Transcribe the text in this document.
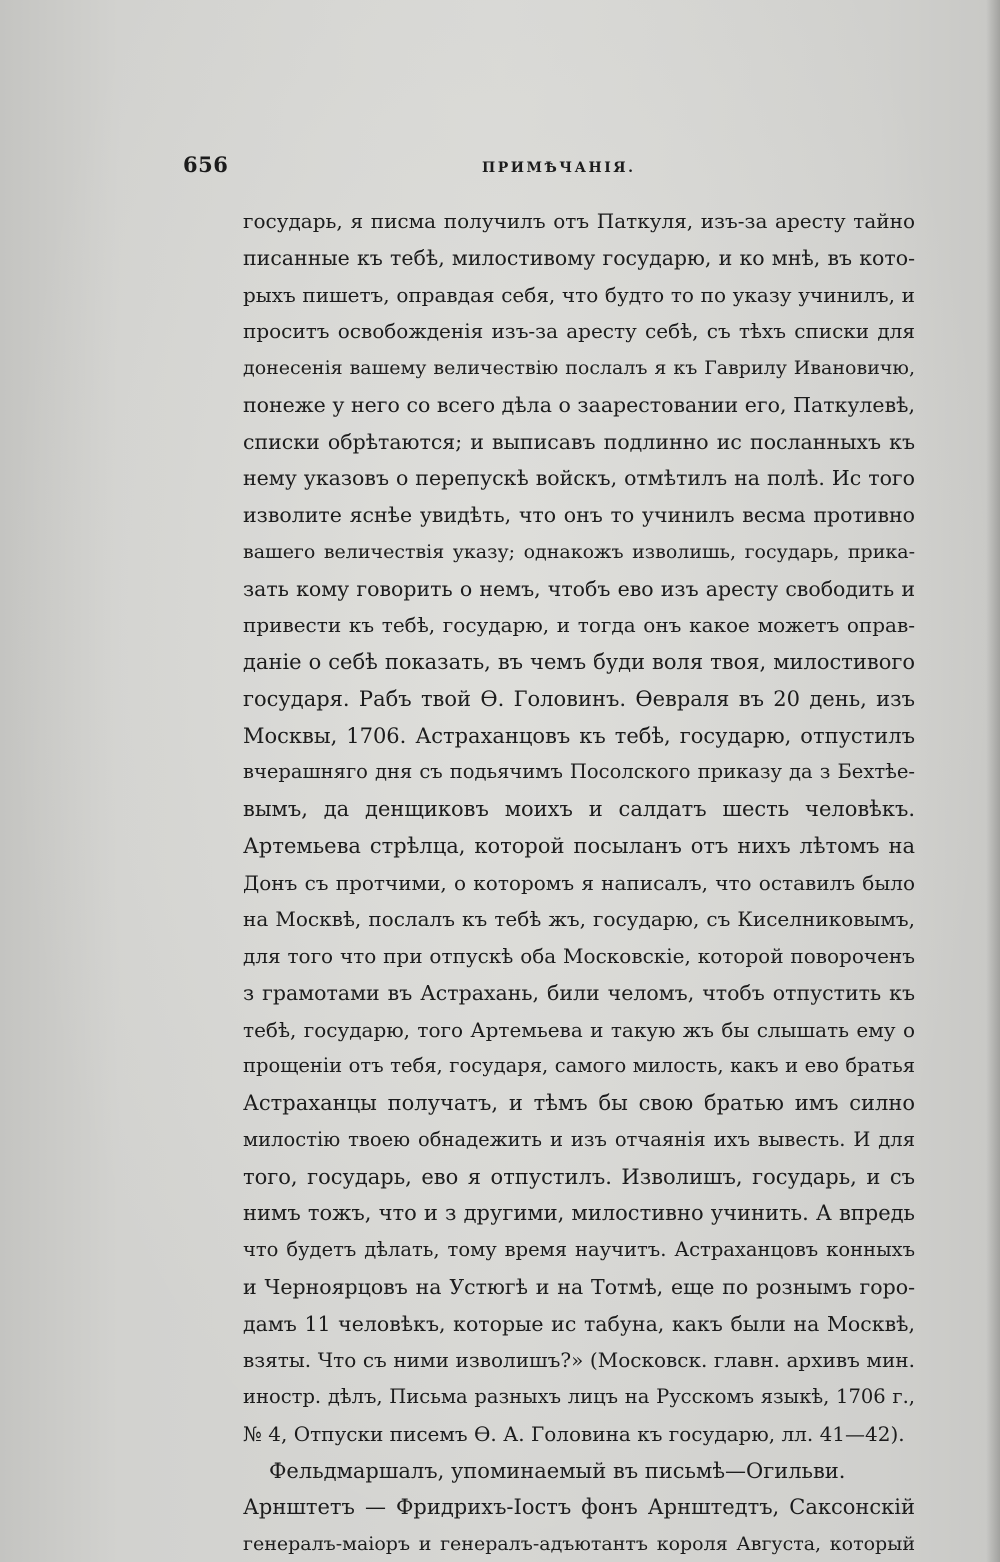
656	ПРИМѢЧАНІЯ.
государь, я писма получилъ отъ Паткуля, изъ-за аресту тайно
писанные къ тебѣ, милостивому государю, и ко мнѣ, въ кото-
рыхъ пишетъ, оправдая себя, что будто то по указу учинилъ, и
проситъ освобожденія изъ-за аресту себѣ, съ тѣхъ списки для
донесенія вашему величествію послалъ я къ Гаврилу Ивановичю,
понеже у него со всего дѣла о заарестовании его, Паткулевѣ,
списки обрѣтаются; и выписавъ подлинно ис посланныхъ къ
нему указовъ о перепускѣ войскъ, отмѣтилъ на полѣ. Ис того
изволите яснѣе увидѣть, что онъ то учинилъ весма противно
вашего величествія указу; однакожъ изволишь, государь, прика-
зать кому говорить о немъ, чтобъ ево изъ аресту свободить и
привести къ тебѣ, государю, и тогда онъ какое можетъ оправ-
даніе о себѣ показать, въ чемъ буди воля твоя, милостивого
государя. Рабъ твой Ѳ. Головинъ. Ѳевраля въ 20 день, изъ
Москвы, 1706. Астраханцовъ къ тебѣ, государю, отпустилъ
вчерашняго дня съ подьячимъ Посолского приказу да з Бехтѣе-
вымъ, да денщиковъ моихъ и салдатъ шесть человѣкъ.
Артемьева стрѣлца, которой посыланъ отъ нихъ лѣтомъ на
Донъ съ протчими, о которомъ я написалъ, что оставилъ было
на Москвѣ, послалъ къ тебѣ жъ, государю, съ Киселниковымъ,
для того что при отпускѣ оба Московскіе, которой повороченъ
з грамотами въ Астрахань, били челомъ, чтобъ отпустить къ
тебѣ, государю, того Артемьева и такую жъ бы слышать ему о
прощеніи отъ тебя, государя, самого милость, какъ и ево братья
Астраханцы получатъ, и тѣмъ бы свою братью имъ силно
милостію твоею обнадежить и изъ отчаянія ихъ вывесть. И для
того, государь, ево я отпустилъ. Изволишъ, государь, и съ
нимъ тожъ, что и з другими, милостивно учинить. А впредь
что будетъ дѣлать, тому время научитъ. Астраханцовъ конныхъ
и Черноярцовъ на Устюгѣ и на Тотмѣ, еще по рознымъ горо-
дамъ 11 человѣкъ, которые ис табуна, какъ были на Москвѣ,
взяты. Что съ ними изволишъ?» (Московск. главн. архивъ мин.
иностр. дѣлъ, Письма разныхъ лицъ на Русскомъ языкѣ, 1706 г.,
№ 4, Отпуски писемъ Ѳ. А. Головина къ государю, лл. 41—42).
Фельдмаршалъ, упоминаемый въ письмѣ—Огильви.
Арнштетъ — Фридрихъ-Іостъ фонъ Арнштедтъ, Саксонскій
генералъ-маіоръ и генералъ-адъютантъ короля Августа, который
